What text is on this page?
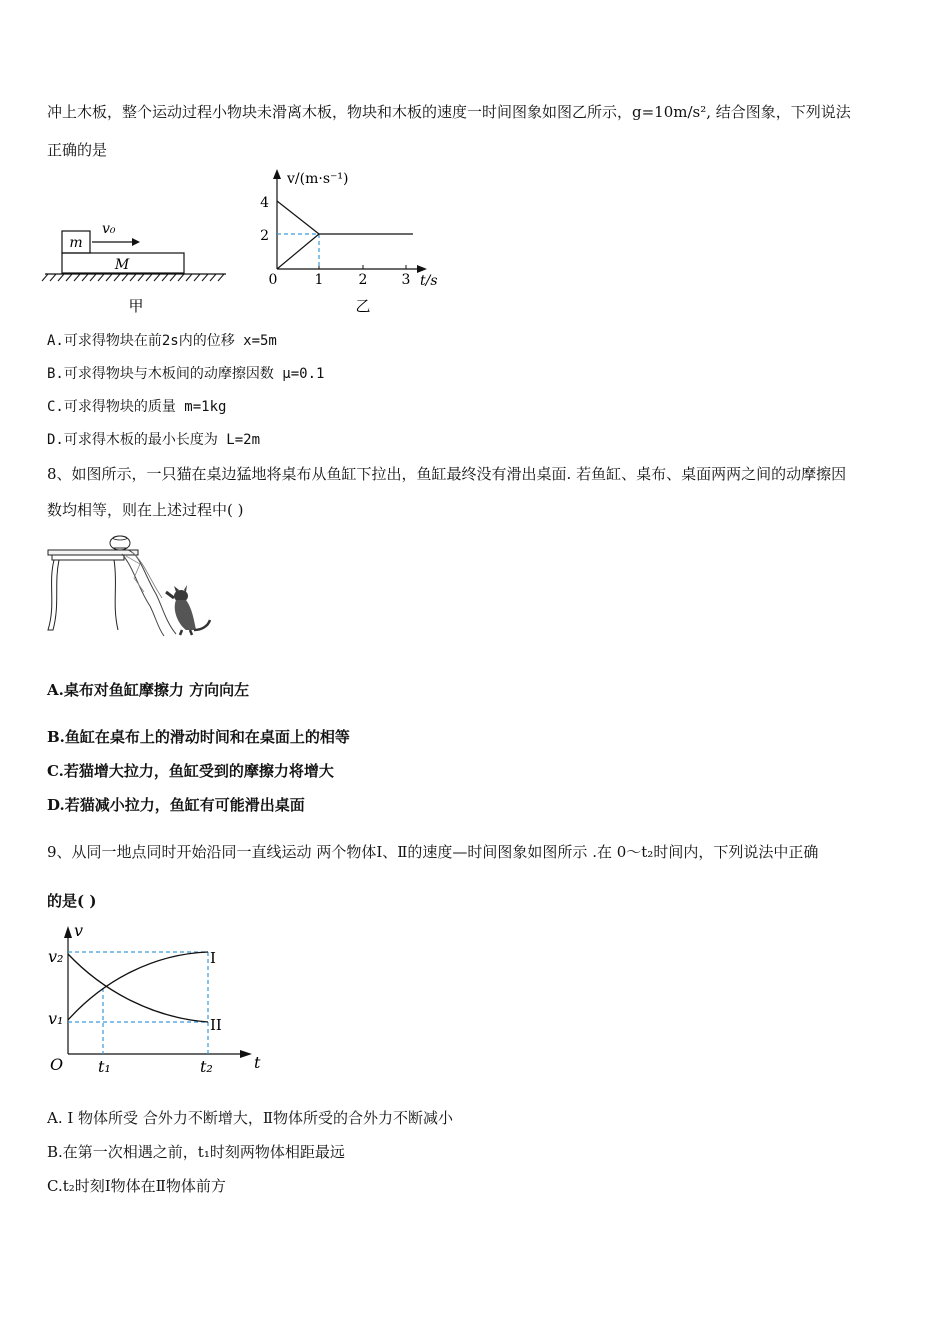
冲上木板，整个运动过程小物块未滑离木板，物块和木板的速度一时间图象如图乙所示，g=10m/s², 结合图象，下列说法
正确的是
m
v₀
M
甲
v/(m·s⁻¹)
4
2
0	1	2 3 t/s
乙
A.可求得物块在前2s内的位移 x=5m
B.可求得物块与木板间的动摩擦因数 μ=0.1
C.可求得物块的质量 m=1kg
D.可求得木板的最小长度为 L=2m
8、如图所示，一只猫在桌边猛地将桌布从鱼缸下拉出，鱼缸最终没有滑出桌面. 若鱼缸、桌布、桌面两两之间的动摩擦因
数均相等，则在上述过程中( )
A.桌布对鱼缸摩擦力 方向向左
B.鱼缸在桌布上的滑动时间和在桌面上的相等
C.若猫增大拉力，鱼缸受到的摩擦力将增大
D.若猫减小拉力，鱼缸有可能滑出桌面
9、从同一地点同时开始沿同一直线运动 两个物体Ⅰ、Ⅱ的速度—时间图象如图所示 .在 0～t₂时间内，下列说法中正确
的是( )
v
t
O
v₂
v₁
t₁	t₂
I
II
A. Ⅰ 物体所受 合外力不断增大，Ⅱ物体所受的合外力不断减小
B.在第一次相遇之前，t₁时刻两物体相距最远
C.t₂时刻Ⅰ物体在Ⅱ物体前方
